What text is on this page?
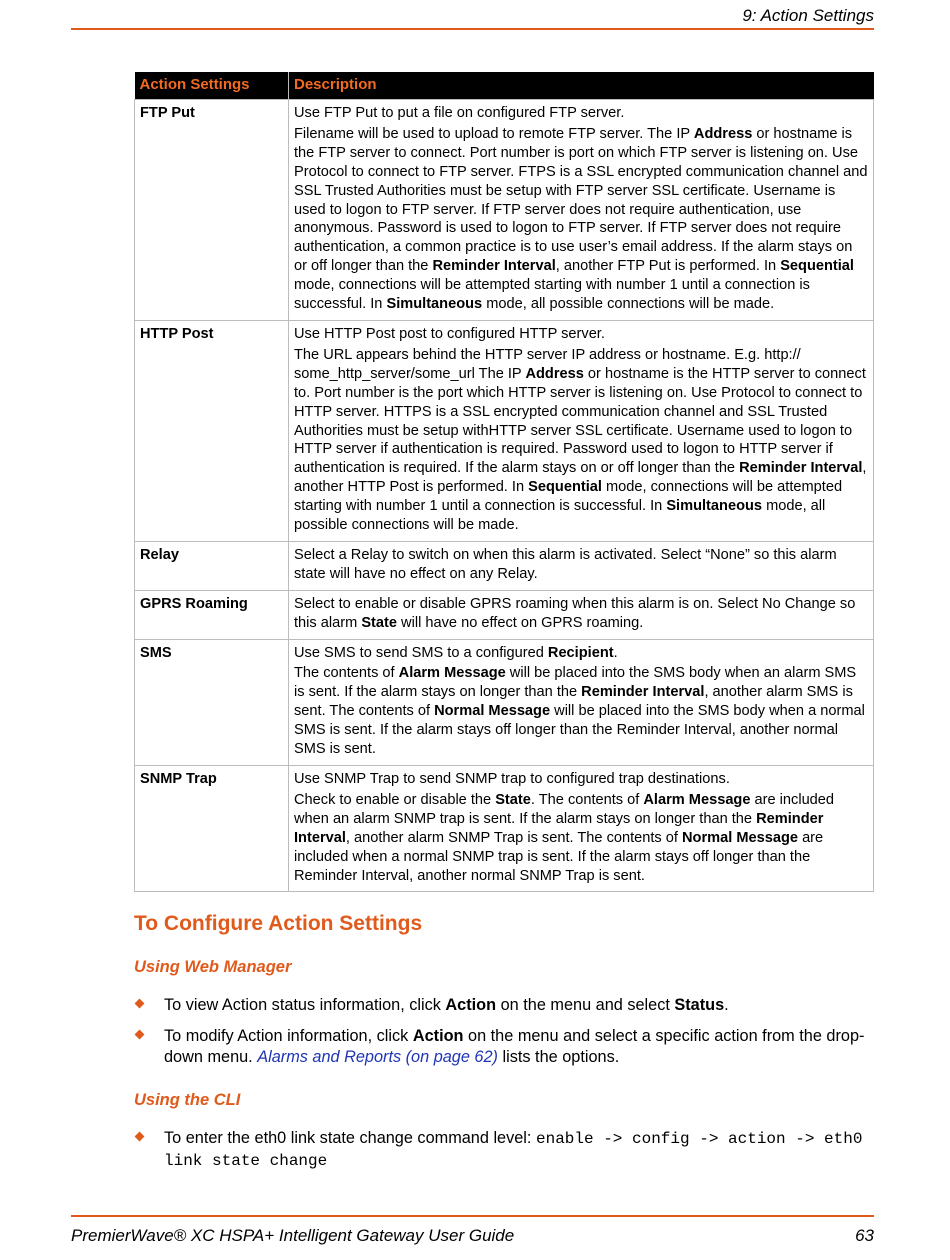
9: Action Settings
Action Settings	Description
FTP Put	Use FTP Put to put a file on configured FTP server.

Filename will be used to upload to remote FTP server. The IP Address or hostname is the FTP server to connect. Port number is port on which FTP server is listening on. Use Protocol to connect to FTP server. FTPS is a SSL encrypted communication channel and SSL Trusted Authorities must be setup with FTP server SSL certificate. Username is used to logon to FTP server. If FTP server does not require authentication, use anonymous. Password is used to logon to FTP server. If FTP server does not require authentication, a common practice is to use user’s email address. If the alarm stays on or off longer than the Reminder Interval, another FTP Put is performed. In Sequential mode, connections will be attempted starting with number 1 until a connection is successful. In Simultaneous mode, all possible connections will be made.

HTTP Post	Use HTTP Post post to configured HTTP server.

The URL appears behind the HTTP server IP address or hostname. E.g. http:// some_http_server/some_url The IP Address or hostname is the HTTP server to connect to. Port number is the port which HTTP server is listening on. Use Protocol to connect to HTTP server. HTTPS is a SSL encrypted communication channel and SSL Trusted Authorities must be setup withHTTP server SSL certificate. Username used to logon to HTTP server if authentication is required. Password used to logon to HTTP server if authentication is required. If the alarm stays on or off longer than the Reminder Interval, another HTTP Post is performed. In Sequential mode, connections will be attempted starting with number 1 until a connection is successful. In Simultaneous mode, all possible connections will be made.

Relay	Select a Relay to switch on when this alarm is activated. Select “None” so this alarm state will have no effect on any Relay.

GPRS Roaming	Select to enable or disable GPRS roaming when this alarm is on. Select No Change so this alarm State will have no effect on GPRS roaming.

SMS	Use SMS to send SMS to a configured Recipient.

The contents of Alarm Message will be placed into the SMS body when an alarm SMS is sent. If the alarm stays on longer than the Reminder Interval, another alarm SMS is sent. The contents of Normal Message will be placed into the SMS body when a normal SMS is sent. If the alarm stays off longer than the Reminder Interval, another normal SMS is sent.

SNMP Trap	Use SNMP Trap to send SNMP trap to configured trap destinations.

Check to enable or disable the State. The contents of Alarm Message are included when an alarm SNMP trap is sent. If the alarm stays on longer than the Reminder Interval, another alarm SNMP Trap is sent. The contents of Normal Message are included when a normal SNMP trap is sent. If the alarm stays off longer than the Reminder Interval, another normal SNMP Trap is sent.

To Configure Action Settings
Using Web Manager
To view Action status information, click Action on the menu and select Status.
To modify Action information, click Action on the menu and select a specific action from the drop-down menu. Alarms and Reports (on page 62) lists the options.
Using the CLI
To enter the eth0 link state change command level: enable -> config -> action -> eth0 link state change
PremierWave® XC HSPA+ Intelligent Gateway User Guide	63
